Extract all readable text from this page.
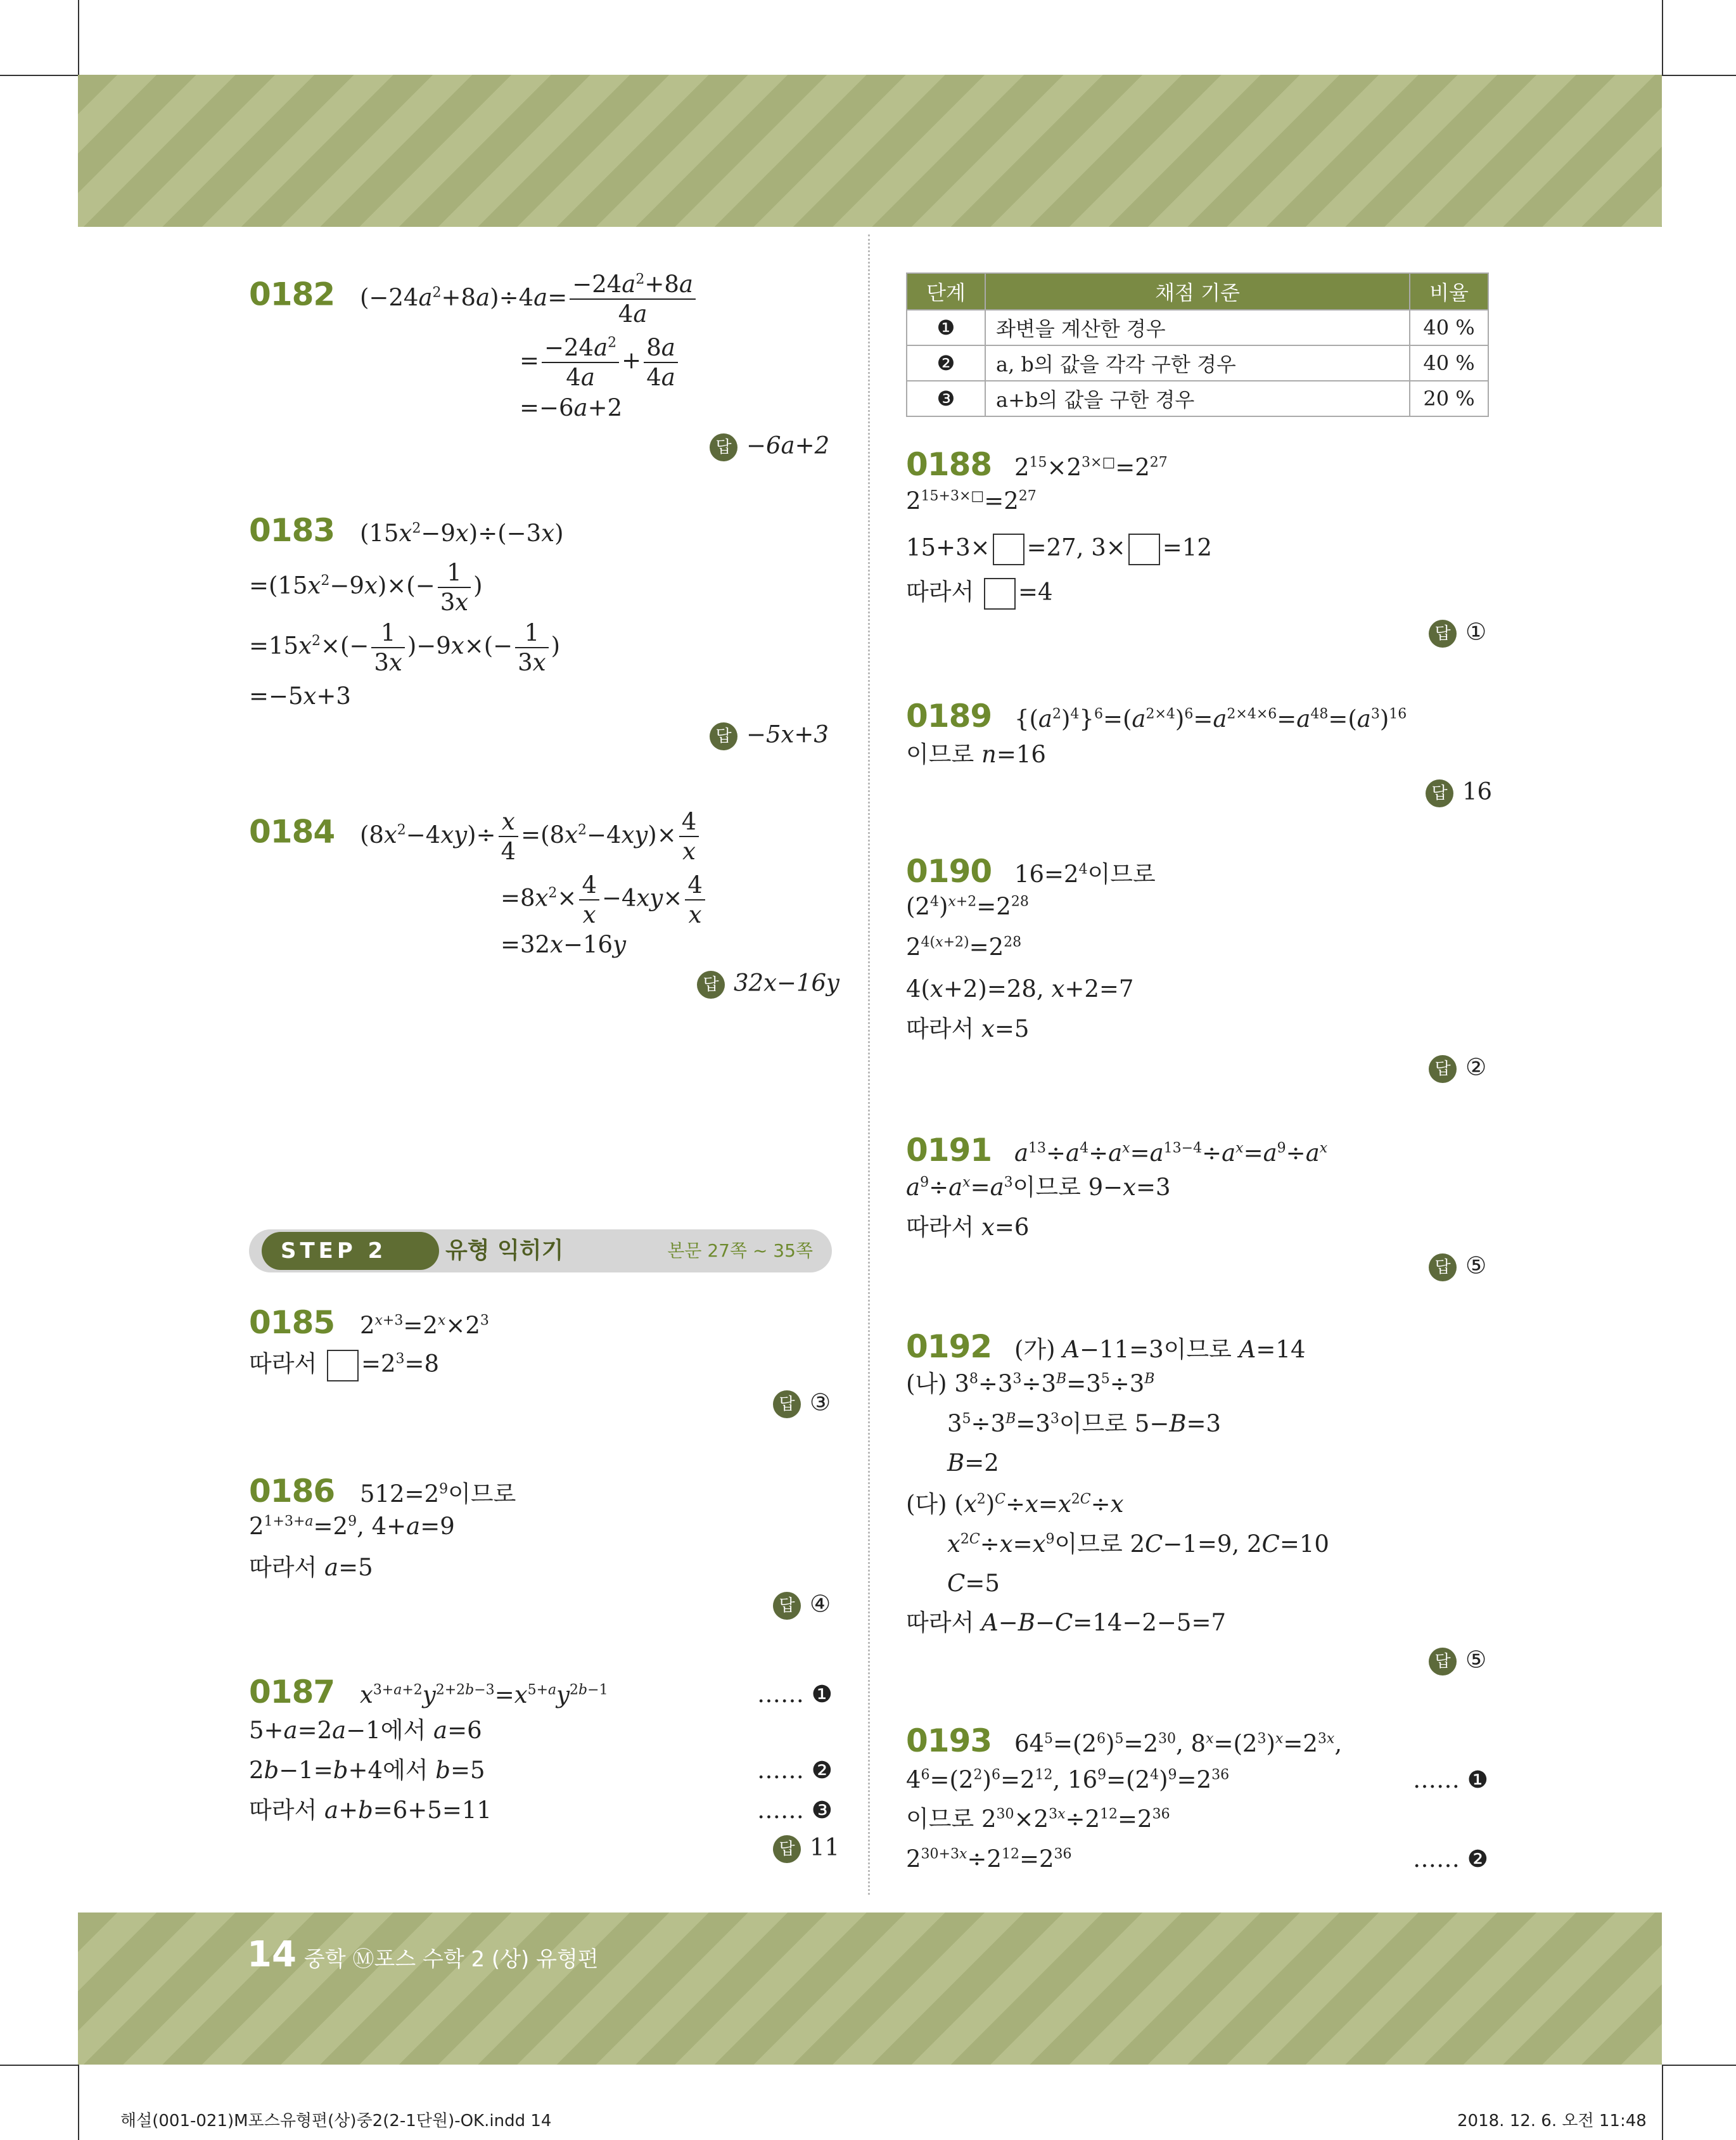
0182 $(-24a^2+8a)\div 4a= \frac{-24a^2+8a}{4a}$
= $\frac{-24a^2}{4a} + \frac{8a}{4a}$
=−6a+2
답 −6a+2
0183 $(15x^2-9x)\div(-3x)$
$=(15x^2-9x)\times(- \frac{1}{3x}$ )
$=15x^2\times(- \frac{1}{3x} )-9x\times(- \frac{1}{3x}$ )
=−5x+3
답 −5x+3
0184 $(8x^2-4xy)\div \frac{x}{4} =(8x^2-4xy)\times \frac{4}{x}$
$=8x^2\times \frac{4}{x} -4xy\times \frac{4}{x}$
=32x−16y
답 32x−16y
STEP 2	유형 익히기	본문 27쪽 ~ 35쪽
0185 $2^{x+3}=2^x\times 2^3$
따라서 $=2^3=8$
답 ③
0186 $512=2^9$이므로
$2^{1+3+a}=2^9$, 4+a=9
따라서 a=5
답 ④
0187 $x^{3+a+2}y^{2+2b-3}=x^{5+a}y^{2b-1}$	…… ❶
5+a=2a−1에서 a=6
2b−1=b+4에서 b=5	…… ❷
따라서 a+b=6+5=11	…… ❸
답 11
단계	채점 기준	비율
❶	좌변을 계산한 경우	40 %
❷	a, b의 값을 각각 구한 경우	40 %
❸	a+b의 값을 구한 경우	20 %
0188 $2^{15}\times 2^{3\times□}=2^{27}$
$2^{15+3\times□}=2^{27}$
15+3× =27, 3× =12
따라서 =4
답 ①
0189 $\{(a^2)^4\}^6=(a^{2\times 4})^6=a^{2\times 4\times 6}=a^{48}=(a^3)^{16}$
이므로 n=16
답 16
0190 $16=2^4$이므로
$(2^4)^{x+2}=2^{28}$
$2^{4(x+2)}=2^{28}$
4(x+2)=28, x+2=7
따라서 x=5
답 ②
0191 $a^{13}\div a^4\div a^x=a^{13-4}\div a^x=a^9\div a^x$
$a^9\div a^x=a^3$이므로 9−x=3
따라서 x=6
답 ⑤
0192 (가) A−11=3이므로 A=14
(나) $3^8\div 3^3\div 3^B=3^5\div 3^B$
$3^5\div 3^B=3^3$이므로 5−B=3
B=2
(다) $(x^2)^C\div x=x^{2C}\div x$
$x^{2C}\div x=x^9$이므로 2C−1=9, 2C=10
C=5
따라서 A−B−C=14−2−5=7
답 ⑤
0193 $64^5=(2^6)^5=2^{30}$, $8^x=(2^3)^x=2^{3x}$,
$4^6=(2^2)^6=2^{12}$, $16^9=(2^4)^9=2^{36}$	…… ❶
이므로 $2^{30}\times 2^{3x}\div 2^{12}=2^{36}$
$2^{30+3x}\div 2^{12}=2^{36}$	…… ❷
14 중학 Ⓜ포스 수학 2 (상) 유형편
해설(001-021)M포스유형편(상)중2(2-1단원)-OK.indd 14	2018. 12. 6. 오전 11:48
